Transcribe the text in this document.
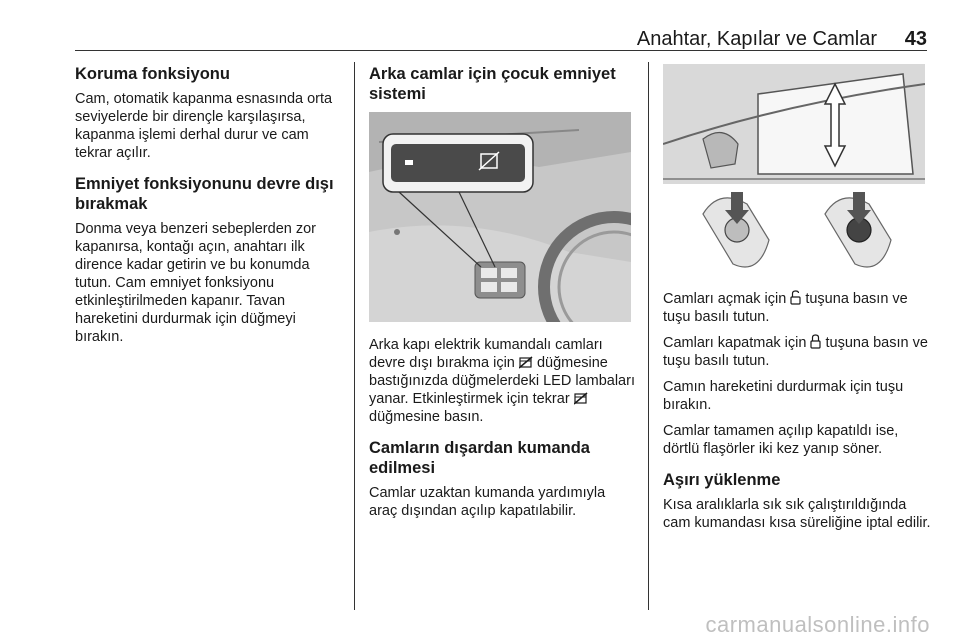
Anahtar, Kapılar ve Camlar 43
Koruma fonksiyonu

Cam, otomatik kapanma esnasında orta seviyelerde bir dirençle karşılaşırsa, kapanma işlemi derhal durur ve cam tekrar açılır.

Emniyet fonksiyonunu devre dışı bırakmak

Donma veya benzeri sebeplerden zor kapanırsa, kontağı açın, anahtarı ilk dirence kadar getirin ve bu konumda tutun. Cam emniyet fonksiyonu etkinleştirilmeden kapanır. Tavan hareketini durdurmak için düğmeyi bırakın.

Arka camlar için çocuk emniyet sistemi

Arka kapı elektrik kumandalı camları devre dışı bırakma için düğmesine bastığınızda düğmelerdeki LED lambaları yanar. Etkinleştirmek için tekrar  düğmesine basın.

Camların dışardan kumanda edilmesi

Camlar uzaktan kumanda yardımıyla araç dışından açılıp kapatılabilir.

Camları açmak için tuşuna basın ve tuşu basılı tutun.

Camları kapatmak için tuşuna basın ve tuşu basılı tutun.

Camın hareketini durdurmak için tuşu bırakın.

Camlar tamamen açılıp kapatıldı ise, dörtlü flaşörler iki kez yanıp söner.

Aşırı yüklenme

Kısa aralıklarla sık sık çalıştırıldığında cam kumandası kısa süreliğine iptal edilir.

carmanualsonline.info
